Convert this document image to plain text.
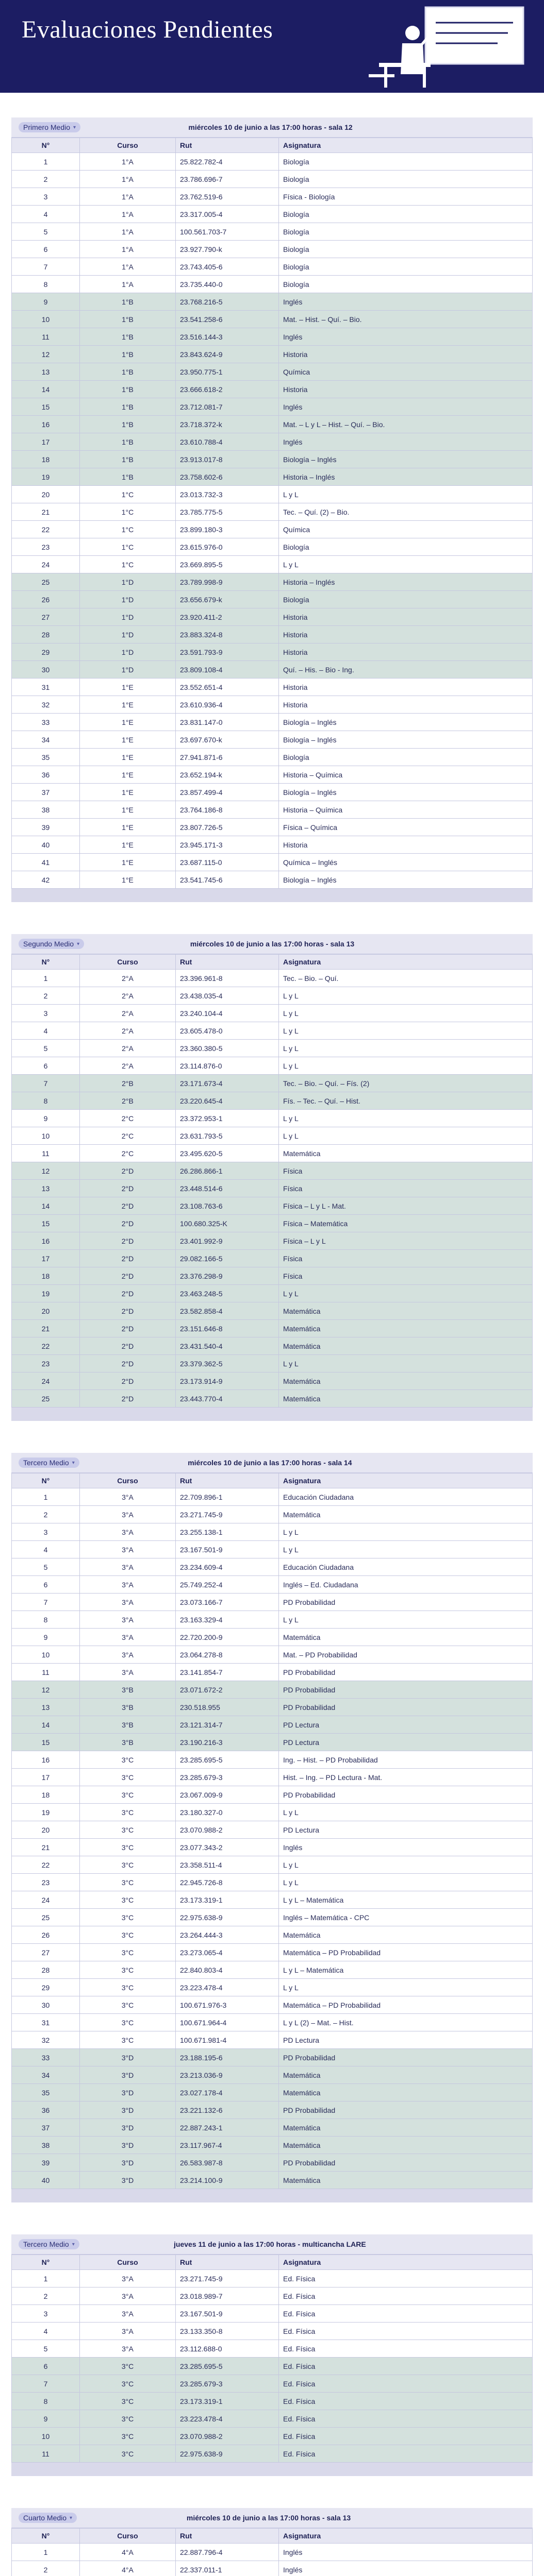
Evaluaciones Pendientes
Primero Medio ▾	miércoles 10 de junio a las 17:00 horas - sala 12
N°	Curso	Rut	Asignatura
1	1°A	25.822.782-4	Biología
2	1°A	23.786.696-7	Biología
3	1°A	23.762.519-6	Física - Biología
4	1°A	23.317.005-4	Biología
5	1°A	100.561.703-7	Biología
6	1°A	23.927.790-k	Biología
7	1°A	23.743.405-6	Biología
8	1°A	23.735.440-0	Biología
9	1°B	23.768.216-5	Inglés
10	1°B	23.541.258-6	Mat. – Hist. – Quí. – Bio.
11	1°B	23.516.144-3	Inglés
12	1°B	23.843.624-9	Historia
13	1°B	23.950.775-1	Química
14	1°B	23.666.618-2	Historia
15	1°B	23.712.081-7	Inglés
16	1°B	23.718.372-k	Mat. – L y L – Hist. – Quí. – Bio.
17	1°B	23.610.788-4	Inglés
18	1°B	23.913.017-8	Biología – Inglés
19	1°B	23.758.602-6	Historia – Inglés
20	1°C	23.013.732-3	L y L
21	1°C	23.785.775-5	Tec. – Quí. (2) – Bio.
22	1°C	23.899.180-3	Química
23	1°C	23.615.976-0	Biología
24	1°C	23.669.895-5	L y L
25	1°D	23.789.998-9	Historia – Inglés
26	1°D	23.656.679-k	Biología
27	1°D	23.920.411-2	Historia
28	1°D	23.883.324-8	Historia
29	1°D	23.591.793-9	Historia
30	1°D	23.809.108-4	Quí. – His. – Bio - Ing.
31	1°E	23.552.651-4	Historia
32	1°E	23.610.936-4	Historia
33	1°E	23.831.147-0	Biología – Inglés
34	1°E	23.697.670-k	Biología – Inglés
35	1°E	27.941.871-6	Biología
36	1°E	23.652.194-k	Historia – Química
37	1°E	23.857.499-4	Biología – Inglés
38	1°E	23.764.186-8	Historia – Química
39	1°E	23.807.726-5	Física – Química
40	1°E	23.945.171-3	Historia
41	1°E	23.687.115-0	Química – Inglés
42	1°E	23.541.745-6	Biología – Inglés
Segundo Medio ▾	miércoles 10 de junio a las 17:00 horas - sala 13
N°	Curso	Rut	Asignatura
1	2°A	23.396.961-8	Tec. – Bio. – Quí.
2	2°A	23.438.035-4	L y L
3	2°A	23.240.104-4	L y L
4	2°A	23.605.478-0	L y L
5	2°A	23.360.380-5	L y L
6	2°A	23.114.876-0	L y L
7	2°B	23.171.673-4	Tec. – Bio. – Quí. – Fís. (2)
8	2°B	23.220.645-4	Fís. – Tec. – Quí. – Hist.
9	2°C	23.372.953-1	L y L
10	2°C	23.631.793-5	L y L
11	2°C	23.495.620-5	Matemática
12	2°D	26.286.866-1	Física
13	2°D	23.448.514-6	Física
14	2°D	23.108.763-6	Física – L y L - Mat.
15	2°D	100.680.325-K	Física – Matemática
16	2°D	23.401.992-9	Física – L y L
17	2°D	29.082.166-5	Física
18	2°D	23.376.298-9	Física
19	2°D	23.463.248-5	L y L
20	2°D	23.582.858-4	Matemática
21	2°D	23.151.646-8	Matemática
22	2°D	23.431.540-4	Matemática
23	2°D	23.379.362-5	L y L
24	2°D	23.173.914-9	Matemática
25	2°D	23.443.770-4	Matemática
Tercero Medio ▾	miércoles 10 de junio a las 17:00 horas - sala 14
N°	Curso	Rut	Asignatura
1	3°A	22.709.896-1	Educación Ciudadana
2	3°A	23.271.745-9	Matemática
3	3°A	23.255.138-1	L y L
4	3°A	23.167.501-9	L y L
5	3°A	23.234.609-4	Educación Ciudadana
6	3°A	25.749.252-4	Inglés – Ed. Ciudadana
7	3°A	23.073.166-7	PD Probabilidad
8	3°A	23.163.329-4	L y L
9	3°A	22.720.200-9	Matemática
10	3°A	23.064.278-8	Mat. – PD Probabilidad
11	3°A	23.141.854-7	PD Probabilidad
12	3°B	23.071.672-2	PD Probabilidad
13	3°B	230.518.955	PD Probabilidad
14	3°B	23.121.314-7	PD Lectura
15	3°B	23.190.216-3	PD Lectura
16	3°C	23.285.695-5	Ing. – Hist. – PD Probabilidad
17	3°C	23.285.679-3	Hist. – Ing. – PD Lectura - Mat.
18	3°C	23.067.009-9	PD Probabilidad
19	3°C	23.180.327-0	L y L
20	3°C	23.070.988-2	PD Lectura
21	3°C	23.077.343-2	Inglés
22	3°C	23.358.511-4	L y L
23	3°C	22.945.726-8	L y L
24	3°C	23.173.319-1	L y L – Matemática
25	3°C	22.975.638-9	Inglés – Matemática - CPC
26	3°C	23.264.444-3	Matemática
27	3°C	23.273.065-4	Matemática – PD Probabilidad
28	3°C	22.840.803-4	L y L – Matemática
29	3°C	23.223.478-4	L y L
30	3°C	100.671.976-3	Matemática – PD Probabilidad
31	3°C	100.671.964-4	L y L (2) – Mat. – Hist.
32	3°C	100.671.981-4	PD Lectura
33	3°D	23.188.195-6	PD Probabilidad
34	3°D	23.213.036-9	Matemática
35	3°D	23.027.178-4	Matemática
36	3°D	23.221.132-6	PD Probabilidad
37	3°D	22.887.243-1	Matemática
38	3°D	23.117.967-4	Matemática
39	3°D	26.583.987-8	PD Probabilidad
40	3°D	23.214.100-9	Matemática
Tercero Medio ▾	jueves 11 de junio a las 17:00 horas - multicancha LARE
N°	Curso	Rut	Asignatura
1	3°A	23.271.745-9	Ed. Física
2	3°A	23.018.989-7	Ed. Física
3	3°A	23.167.501-9	Ed. Física
4	3°A	23.133.350-8	Ed. Física
5	3°A	23.112.688-0	Ed. Física
6	3°C	23.285.695-5	Ed. Física
7	3°C	23.285.679-3	Ed. Física
8	3°C	23.173.319-1	Ed. Física
9	3°C	23.223.478-4	Ed. Física
10	3°C	23.070.988-2	Ed. Física
11	3°C	22.975.638-9	Ed. Física
Cuarto Medio ▾	miércoles 10 de junio a las 17:00 horas - sala 13
N°	Curso	Rut	Asignatura
1	4°A	22.887.796-4	Inglés
2	4°A	22.337.011-1	Inglés
